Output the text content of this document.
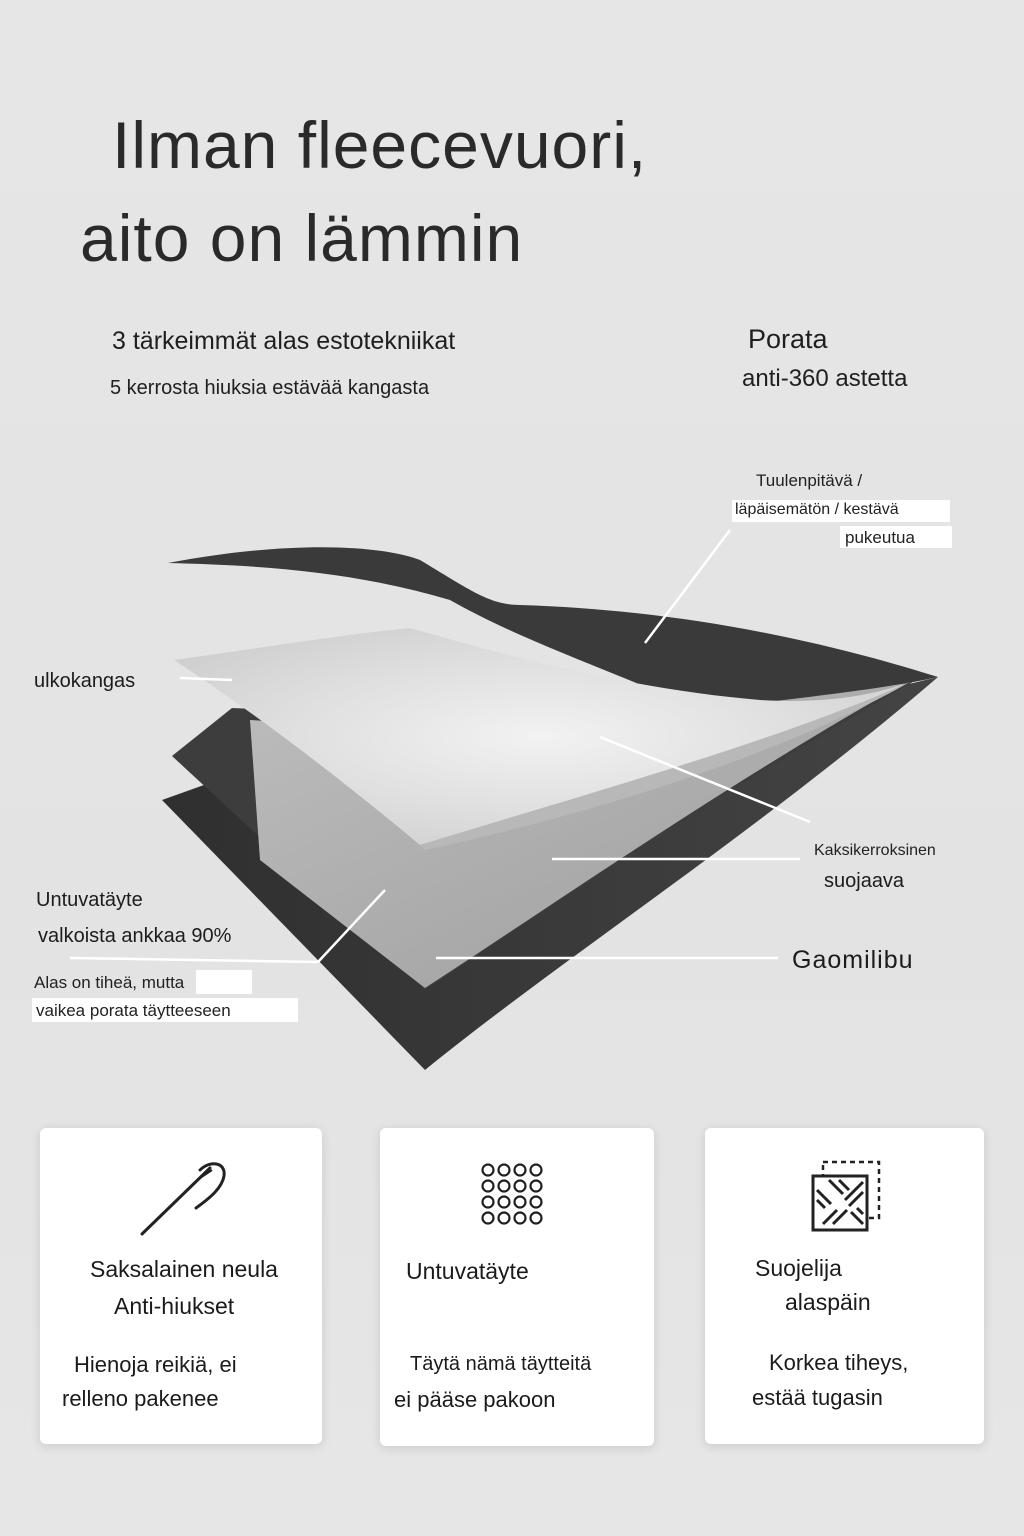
Ilman fleecevuori,
aito on lämmin
3 tärkeimmät alas estotekniikat
5 kerrosta hiuksia estävää kangasta
Porata
anti-360 astetta
Tuulenpitävä /
läpäisemätön / kestävä
pukeutua
ulkokangas
Kaksikerroksinen
suojaava
Untuvatäyte
valkoista ankkaa 90%
Alas on tiheä, mutta
vaikea porata täytteeseen
Gaomilibu
Saksalainen neula
Anti-hiukset
Hienoja reikiä, ei
relleno pakenee
Untuvatäyte
Täytä nämä täytteitä
ei pääse pakoon
Suojelija
alaspäin
Korkea tiheys,
estää tugasin
